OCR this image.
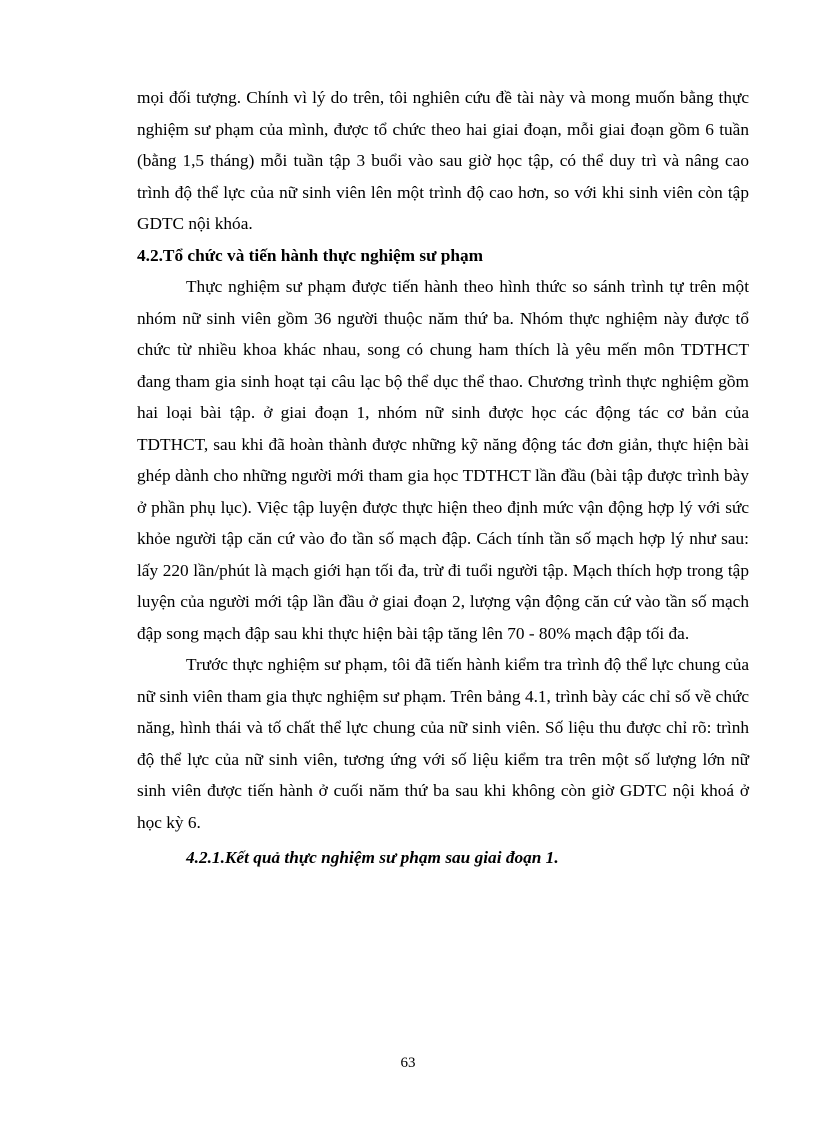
mọi đối tượng. Chính vì lý do trên, tôi nghiên cứu đề tài này và mong muốn bằng thực nghiệm sư phạm của mình, được tổ chức theo hai giai đoạn, mỗi giai đoạn gồm 6 tuần (bằng 1,5 tháng) mỗi tuần tập 3 buổi vào sau giờ học tập, có thể duy trì và nâng cao trình độ thể lực của nữ sinh viên lên một trình độ cao hơn, so với khi sinh viên còn tập GDTC nội khóa.

4.2.Tổ chức và tiến hành thực nghiệm sư phạm

Thực nghiệm sư phạm được tiến hành theo hình thức so sánh trình tự trên một nhóm nữ sinh viên gồm 36 người thuộc năm thứ ba. Nhóm thực nghiệm này được tổ chức từ nhiều khoa khác nhau, song có chung ham thích là yêu mến môn TDTHCT đang tham gia sinh hoạt tại câu lạc bộ thể dục thể thao. Chương trình thực nghiệm gồm hai loại bài tập. ở giai đoạn 1, nhóm nữ sinh được học các động tác cơ bản của TDTHCT, sau khi đã hoàn thành được những kỹ năng động tác đơn giản, thực hiện bài ghép dành cho những người mới tham gia học TDTHCT lần đầu (bài tập được trình bày ở phần phụ lục). Việc tập luyện được thực hiện theo định mức vận động hợp lý với sức khỏe người tập căn cứ vào đo tần số mạch đập. Cách tính tần số mạch hợp lý như sau: lấy 220 lần/phút là mạch giới hạn tối đa, trừ đi tuổi người tập. Mạch thích hợp trong tập luyện của người mới tập lần đầu ở giai đoạn 2, lượng vận động căn cứ vào tần số mạch đập song mạch đập sau khi thực hiện bài tập tăng lên 70 - 80% mạch đập tối đa.

Trước thực nghiệm sư phạm, tôi đã tiến hành kiểm tra trình độ thể lực chung của nữ sinh viên tham gia thực nghiệm sư phạm. Trên bảng 4.1, trình bày các chỉ số về chức năng, hình thái và tố chất thể lực chung của nữ sinh viên. Số liệu thu được chỉ rõ: trình độ thể lực của nữ sinh viên, tương ứng với số liệu kiểm tra trên một số lượng lớn nữ sinh viên được tiến hành ở cuối năm thứ ba sau khi không còn giờ GDTC nội khoá ở học kỳ 6.

4.2.1.Kết quả thực nghiệm sư phạm sau giai đoạn 1.

63
